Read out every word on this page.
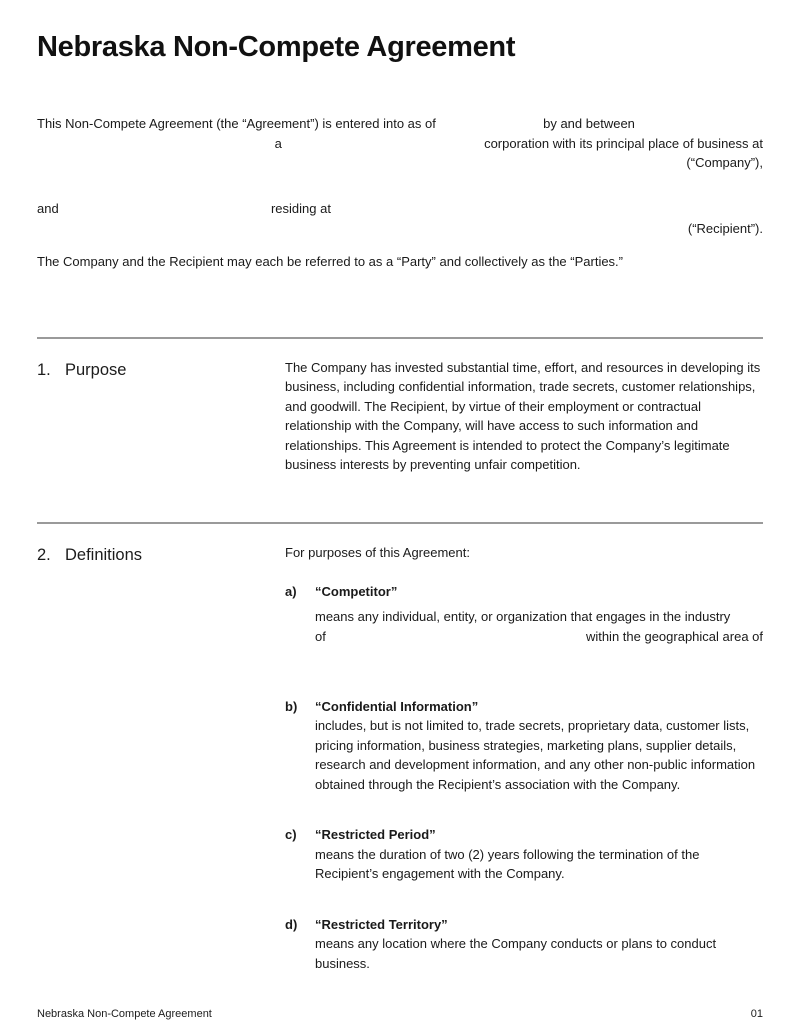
Nebraska Non-Compete Agreement
This Non-Compete Agreement (the “Agreement”) is entered into as of	by and between
a	corporation with its principal place of business at
(“Company”),
and	residing at
(“Recipient”).
The Company and the Recipient may each be referred to as a “Party” and collectively as the “Parties.”
1. Purpose	The Company has invested substantial time, effort, and resources in developing its business, including confidential information, trade secrets, customer relationships, and goodwill. The Recipient, by virtue of their employment or contractual relationship with the Company, will have access to such information and relationships. This Agreement is intended to protect the Company’s legitimate business interests by preventing unfair competition.

2. Definitions	For purposes of this Agreement:

a)	“Competitor”
means any individual, entity, or organization that engages in the industry
of	within the geographical area of
b)	“Confidential Information”

includes, but is not limited to, trade secrets, proprietary data, customer lists, pricing information, business strategies, marketing plans, supplier details, research and development information, and any other non-public information obtained through the Recipient’s association with the Company.

c)	“Restricted Period”

means the duration of two (2) years following the termination of the Recipient’s engagement with the Company.

d)	“Restricted Territory”

means any location where the Company conducts or plans to conduct business.

Nebraska Non-Compete Agreement	01
